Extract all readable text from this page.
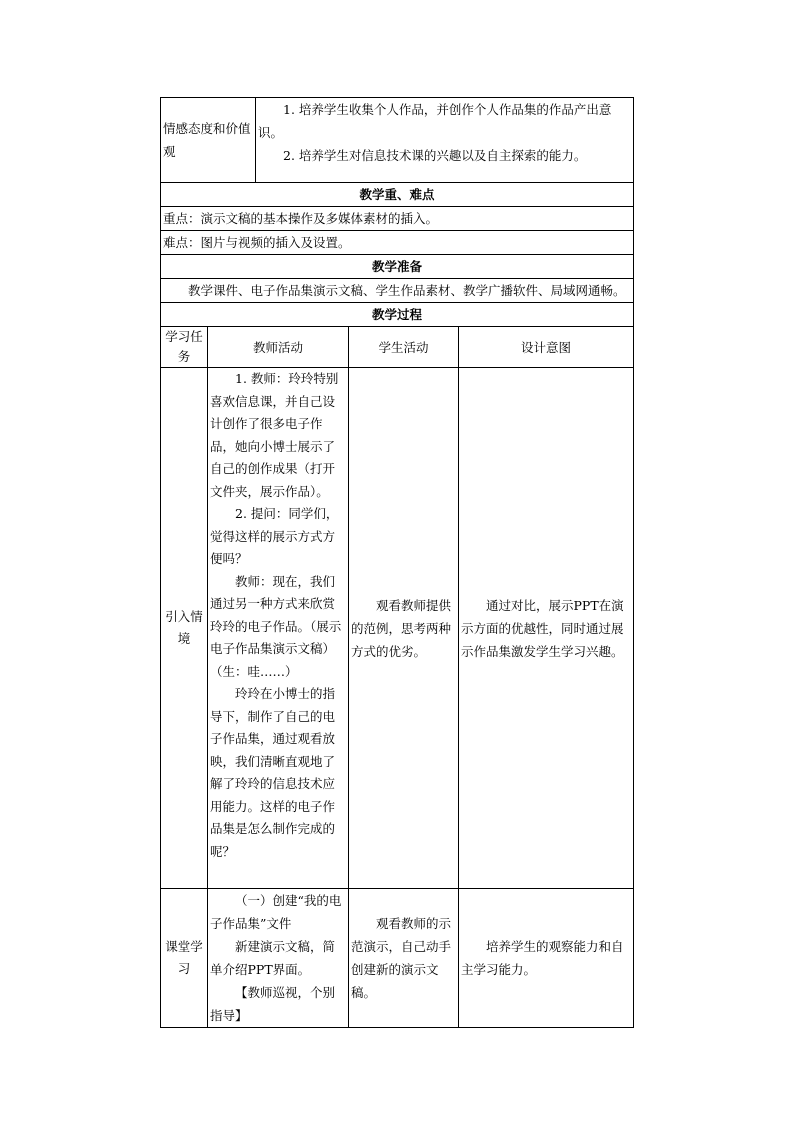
情感态度和价值观		1. 培养学生收集个人作品，并创作个人作品集的作品产出意识。

2. 培养学生对信息技术课的兴趣以及自主探索的能力。		

教学重、难点				
重点：演示文稿的基本操作及多媒体素材的插入。				
难点：图片与视频的插入及设置。				
教学准备				
教学课件、电子作品集演示文稿、学生作品素材、教学广播软件、局域网通畅。				
教学过程				
学习任务	教师活动		学生活动	设计意图
引入情境	1. 教师：玲玲特别喜欢信息课，并自己设计创作了很多电子作品，她向小博士展示了自己的创作成果（打开文件夹，展示作品）。

2. 提问：同学们，觉得这样的展示方式方便吗？

教师：现在，我们通过另一种方式来欣赏玲玲的电子作品。（展示电子作品集演示文稿）

（生：哇……）

玲玲在小博士的指导下，制作了自己的电子作品集，通过观看放映，我们清晰直观地了解了玲玲的信息技术应用能力。这样的电子作品集是怎么制作完成的呢？		观看教师提供的范例，思考两种方式的优劣。	通过对比，展示PPT在演示方面的优越性，同时通过展示作品集激发学生学习兴趣。
课堂学习	（一）创建“我的电子作品集”文件

新建演示文稿，简单介绍PPT界面。

【教师巡视，个别指导】		观看教师的示范演示，自己动手创建新的演示文稿。	培养学生的观察能力和自主学习能力。
